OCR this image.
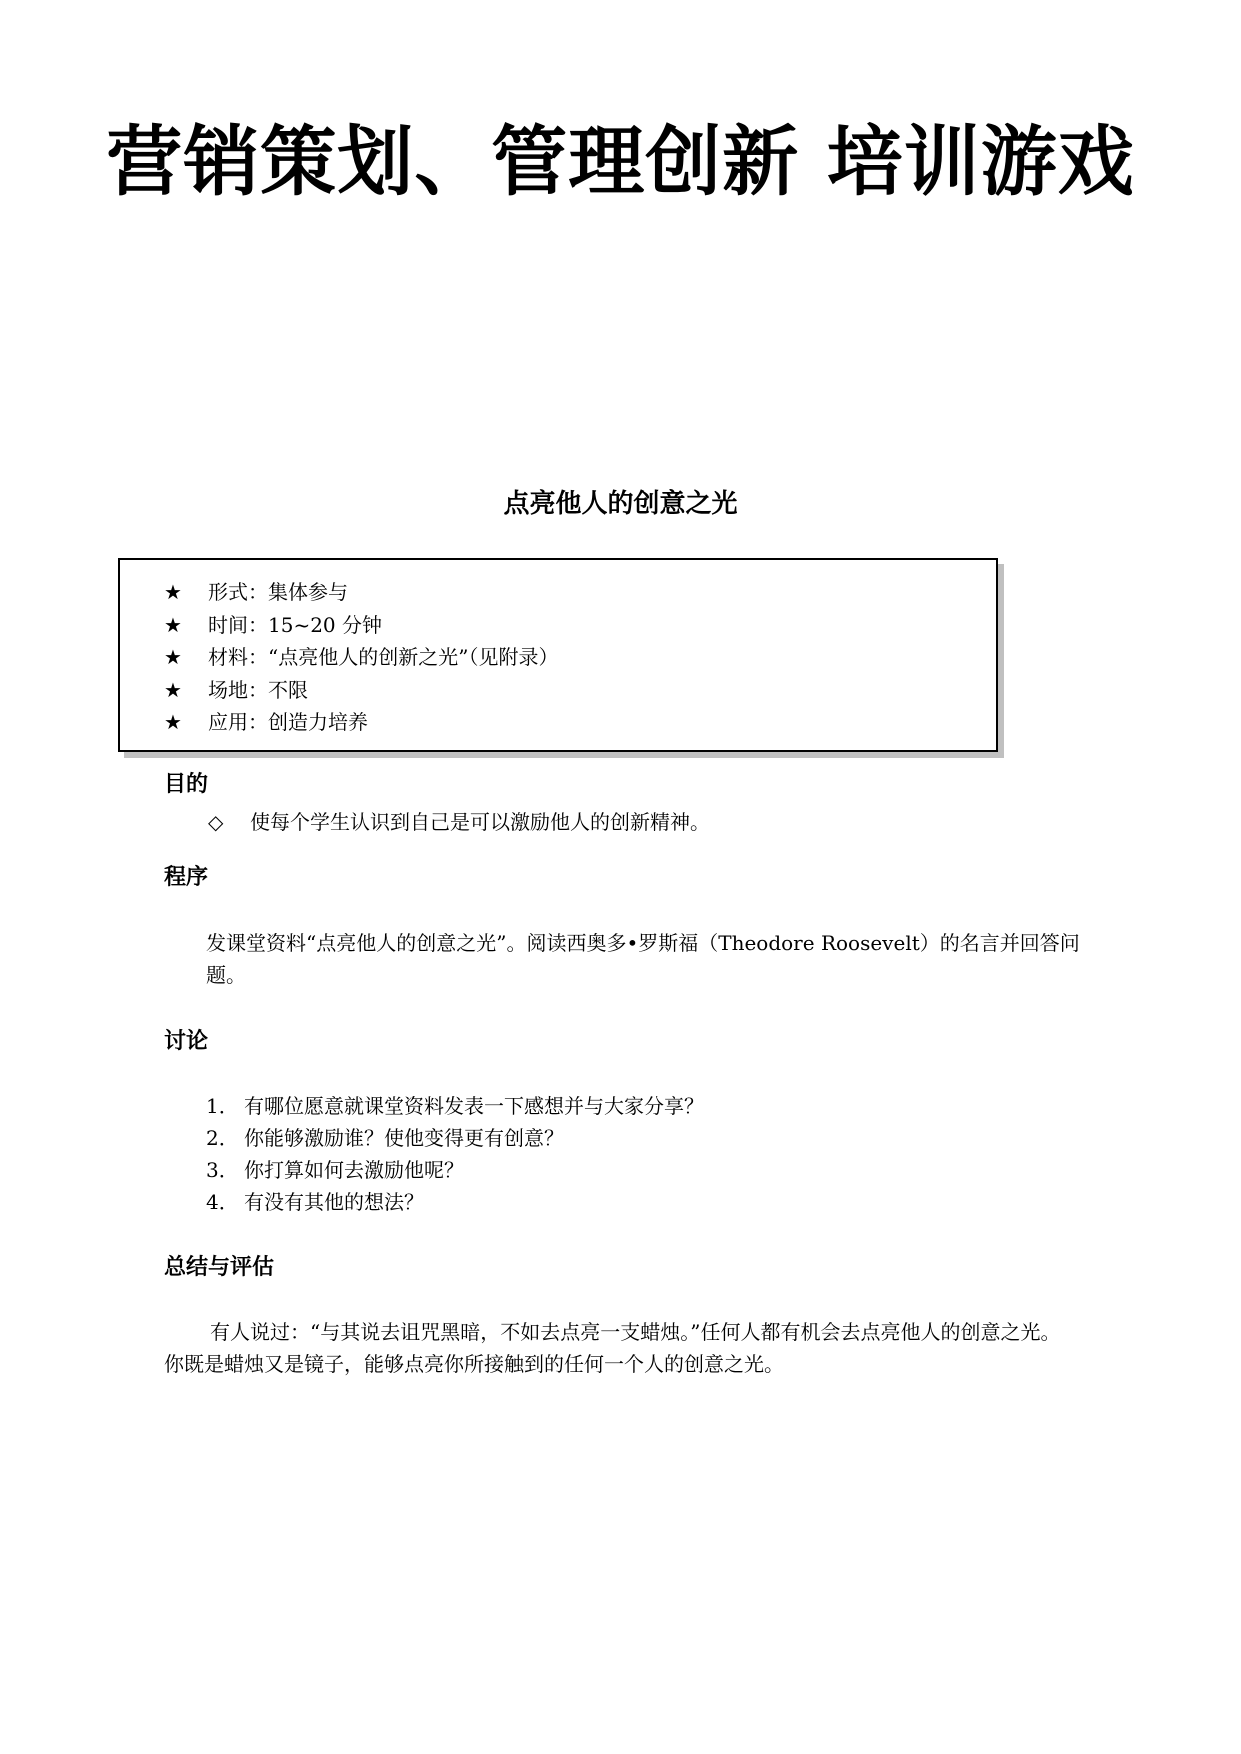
营销策划、管理创新 培训游戏
点亮他人的创意之光
★ 形式：集体参与
★ 时间：15~20 分钟
★ 材料：“点亮他人的创新之光”（见附录）
★ 场地：不限
★ 应用：创造力培养
目的
◇ 使每个学生认识到自己是可以激励他人的创新精神。
程序
发课堂资料“点亮他人的创意之光”。阅读西奥多•罗斯福（Theodore Roosevelt）的名言并回答问
题。
讨论
1． 有哪位愿意就课堂资料发表一下感想并与大家分享？
2． 你能够激励谁？使他变得更有创意？
3． 你打算如何去激励他呢？
4． 有没有其他的想法？
总结与评估
有人说过：“与其说去诅咒黑暗，不如去点亮一支蜡烛。”任何人都有机会去点亮他人的创意之光。
你既是蜡烛又是镜子，能够点亮你所接触到的任何一个人的创意之光。
